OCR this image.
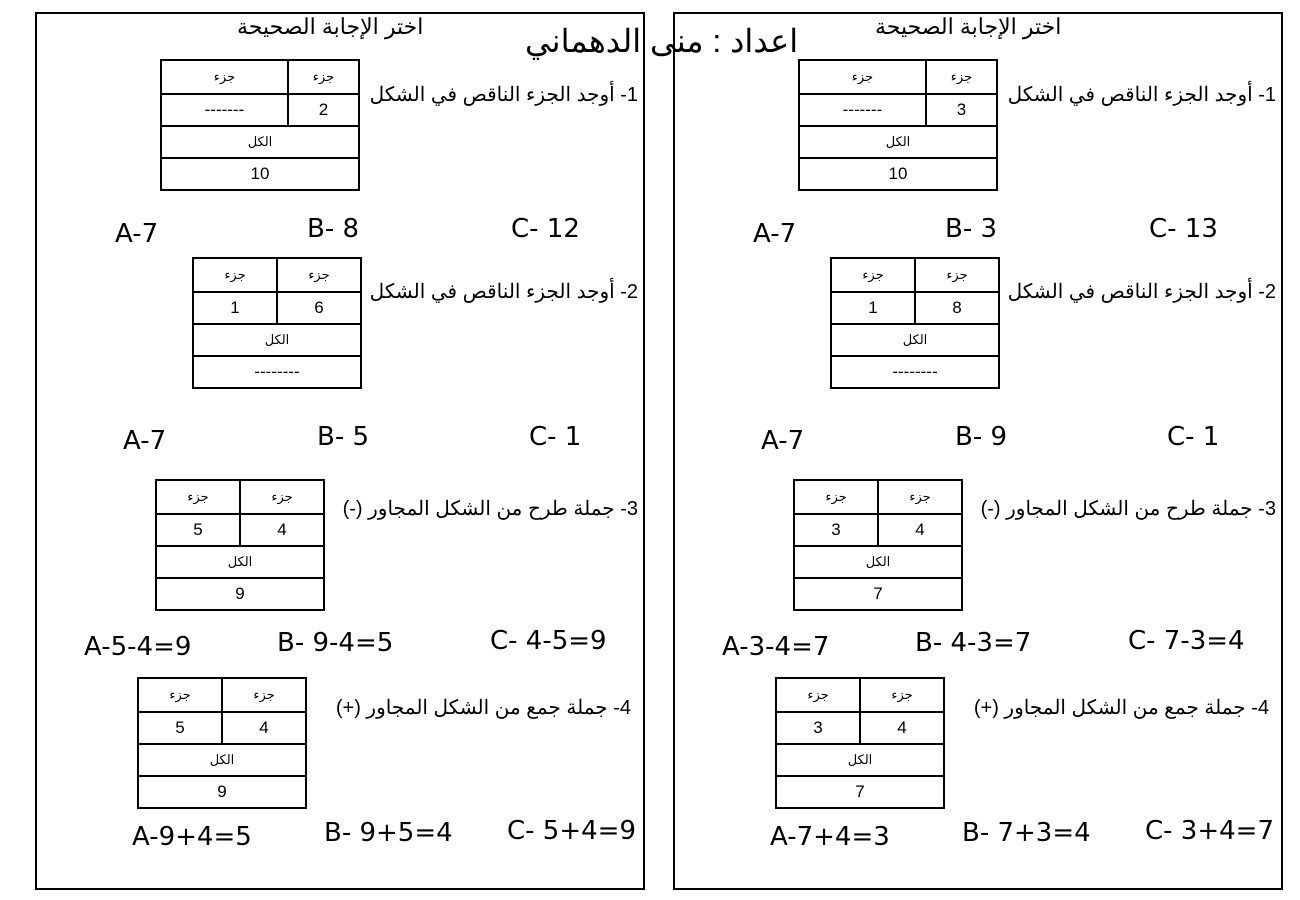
اختر الإجابة الصحيحة
جزء	جزء
-------	2
الكل	
10	
1- أوجد الجزء الناقص في الشكل
A-7	B- 8	C- 12
جزء	جزء
1	6
الكل	
--------	
2- أوجد الجزء الناقص في الشكل
A-7	B- 5	C- 1
جزء	جزء
5	4
الكل	
9	
3- جملة طرح من الشكل المجاور (-)
A-5-4=9	B- 9-4=5	C- 4-5=9
جزء	جزء
5	4
الكل	
9	
4- جملة جمع من الشكل المجاور (+)
A-9+4=5	B- 9+5=4 C- 5+4=9
اختر الإجابة الصحيحة
جزء	جزء
-------	3
الكل	
10	
1- أوجد الجزء الناقص في الشكل
A-7	B- 3	C- 13
جزء	جزء
1	8
الكل	
--------	
2- أوجد الجزء الناقص في الشكل
A-7	B- 9	C- 1
جزء	جزء
3	4
الكل	
7	
3- جملة طرح من الشكل المجاور (-)
A-3-4=7	B- 4-3=7	C- 7-3=4
جزء	جزء
3	4
الكل	
7	
4- جملة جمع من الشكل المجاور (+)
A-7+4=3	B- 7+3=4 C- 3+4=7
اعداد : منى الدهماني
